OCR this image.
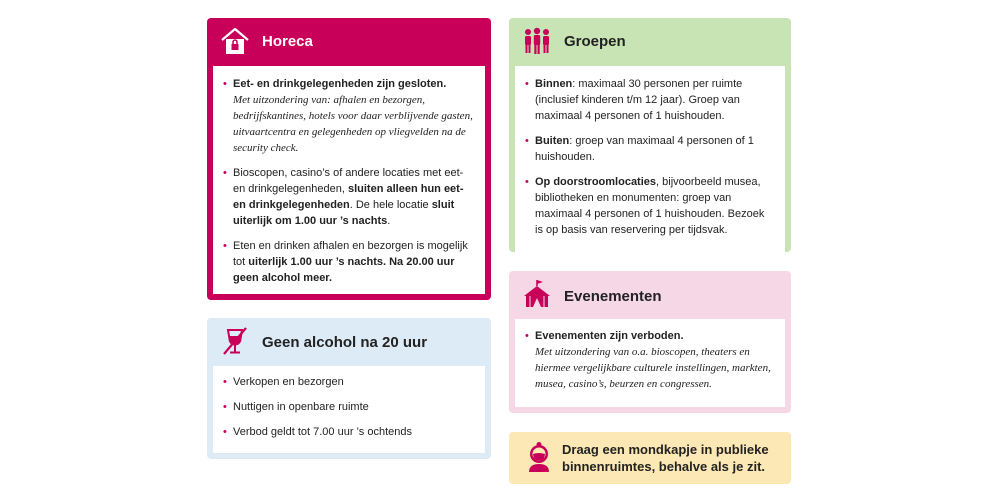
Horeca
• Eet- en drinkgelegenheden zijn gesloten.
Met uitzondering van: afhalen en bezorgen, bedrijfskantines, hotels voor daar verblijvende gasten, uitvaartcentra en gelegenheden op vliegvelden na de security check.
• Bioscopen, casino’s of andere locaties met eet- en drinkgelegenheden, sluiten alleen hun eet- en drinkgelegenheden. De hele locatie sluit uiterlijk om 1.00 uur ’s nachts.
• Eten en drinken afhalen en bezorgen is mogelijk tot uiterlijk 1.00 uur ’s nachts. Na 20.00 uur geen alcohol meer.
Geen alcohol na 20 uur
• Verkopen en bezorgen
• Nuttigen in openbare ruimte
• Verbod geldt tot 7.00 uur ’s ochtends
Groepen
• Binnen: maximaal 30 personen per ruimte (inclusief kinderen t/m 12 jaar). Groep van maximaal 4 personen of 1 huishouden.
• Buiten: groep van maximaal 4 personen of 1 huishouden.
• Op doorstroomlocaties, bijvoorbeeld musea, bibliotheken en monumenten: groep van maximaal 4 personen of 1 huishouden. Bezoek is op basis van reservering per tijdsvak.
Evenementen
• Evenementen zijn verboden.
Met uitzondering van o.a. bioscopen, theaters en hiermee vergelijkbare culturele instellingen, markten, musea, casino’s, beurzen en congressen.
Draag een mondkapje in publieke binnenruimtes, behalve als je zit.
